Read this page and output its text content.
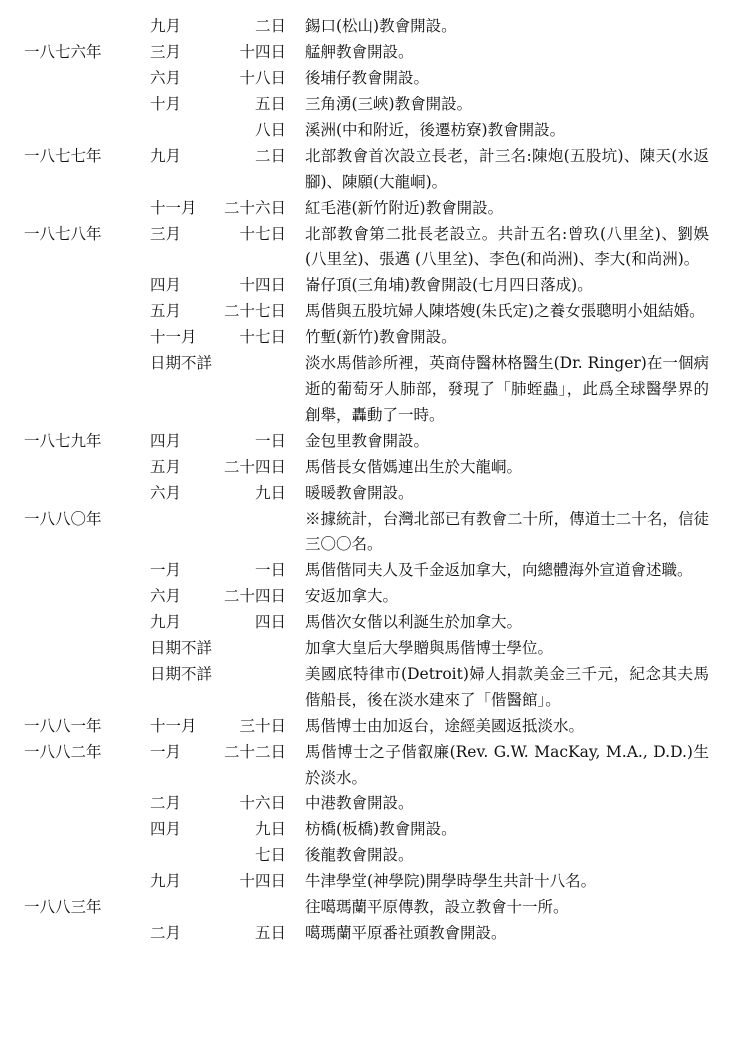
九月	二日 錫口(松山)教會開設。
一八七六年	三月	十四日 艋舺教會開設。
六月	十八日 後埔仔教會開設。
十月	五日 三角湧(三峽)教會開設。
八日 溪洲(中和附近，後遷枋寮)教會開設。
一八七七年	九月	二日 北部教會首次設立長老，計三名:陳炮(五股坑)、陳天(水返腳)、陳願(大龍峒)。
十一月	二十六日 紅毛港(新竹附近)教會開設。
一八七八年	三月	十七日 北部教會第二批長老設立。共計五名:曾玖(八里坌)、劉娛(八里坌)、張邁 (八里坌)、李色(和尚洲)、李大(和尚洲)。
四月	十四日 崙仔頂(三角埔)教會開設(七月四日落成)。
五月	二十七日 馬偕與五股坑婦人陳塔嫂(朱氏定)之養女張聰明小姐結婚。
十一月	十七日 竹塹(新竹)教會開設。
日期不詳	淡水馬偕診所裡，英商侍醫林格醫生(Dr. Ringer)在一個病逝的葡萄牙人肺部，發現了「肺蛭蟲」，此爲全球醫學界的創舉，轟動了一時。
一八七九年	四月	一日 金包里教會開設。
五月	二十四日 馬偕長女偕媽連出生於大龍峒。
六月	九日 暖暖教會開設。
一八八〇年	※據統計，台灣北部已有教會二十所，傳道士二十名，信徒三〇〇名。
一月	一日 馬偕偕同夫人及千金返加拿大，向總體海外宣道會述職。
六月	二十四日 安返加拿大。
九月	四日 馬偕次女偕以利誕生於加拿大。
日期不詳	加拿大皇后大學贈與馬偕博士學位。
日期不詳	美國底特律市(Detroit)婦人捐款美金三千元，紀念其夫馬偕船長，後在淡水建來了「偕醫館」。
一八八一年	十一月	三十日 馬偕博士由加返台，途經美國返抵淡水。
一八八二年	一月	二十二日 馬偕博士之子偕叡廉(Rev. G.W. MacKay, M.A., D.D.)生於淡水。
二月	十六日 中港教會開設。
四月	九日 枋橋(板橋)教會開設。
七日 後龍教會開設。
九月	十四日 牛津學堂(神學院)開學時學生共計十八名。
一八八三年	往噶瑪蘭平原傳教，設立教會十一所。
二月	五日 噶瑪蘭平原番社頭教會開設。
